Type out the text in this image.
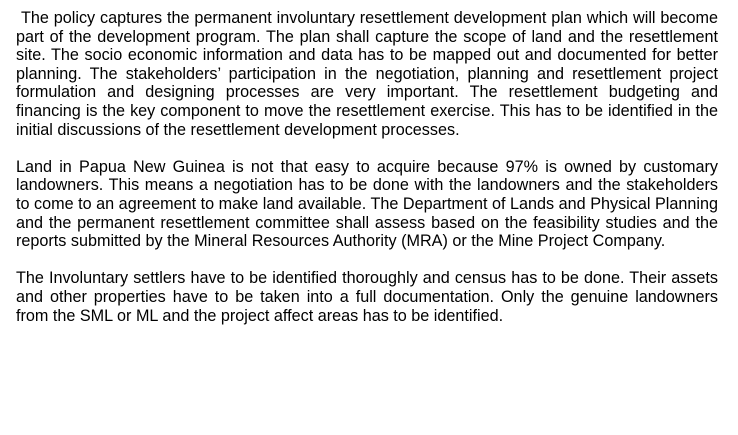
The policy captures the permanent involuntary resettlement development plan which will become part of the development program. The plan shall capture the scope of land and the resettlement site. The socio economic information and data has to be mapped out and documented for better planning. The stakeholders’ participation in the negotiation, planning and resettlement project formulation and designing processes are very important. The resettlement budgeting and financing is the key component to move the resettlement exercise. This has to be identified in the initial discussions of the resettlement development processes.

Land in Papua New Guinea is not that easy to acquire because 97% is owned by customary landowners. This means a negotiation has to be done with the landowners and the stakeholders to come to an agreement to make land available. The Department of Lands and Physical Planning and the permanent resettlement committee shall assess based on the feasibility studies and the reports submitted by the Mineral Resources Authority (MRA) or the Mine Project Company.

The Involuntary settlers have to be identified thoroughly and census has to be done. Their assets and other properties have to be taken into a full documentation. Only the genuine landowners from the SML or ML and the project affect areas has to be identified.
